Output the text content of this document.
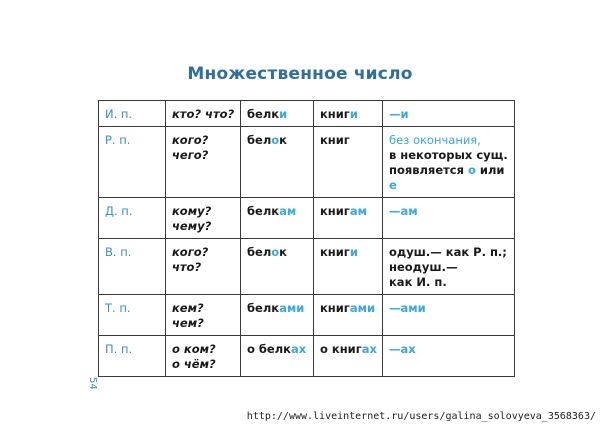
Множественное число
И. п.	кто? что?	белки	книги	—и
Р. п.	кого?
чего?	белок	книг	без окончания,
в некоторых сущ.
появляется о или е
Д. п.	кому?
чему?	белкам	книгам	—ам
В. п.	кого?
что?	белок	книги	одуш.— как Р. п.;
неодуш.—
как И. п.
Т. п.	кем?
чем?	белками	книгами	—ами
П. п.	о ком?
о чём?	о белках	о книгах	—ах
54
http://www.liveinternet.ru/users/galina_solovyeva_3568363/
